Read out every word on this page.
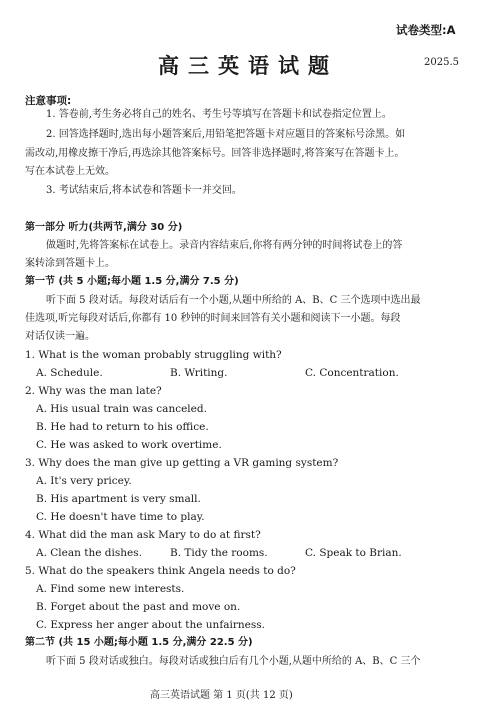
试卷类型:A
2025.5
高三英语试题
注意事项:
1. 答卷前,考生务必将自己的姓名、考生号等填写在答题卡和试卷指定位置上。
2. 回答选择题时,选出每小题答案后,用铅笔把答题卡对应题目的答案标号涂黑。如
需改动,用橡皮擦干净后,再选涂其他答案标号。回答非选择题时,将答案写在答题卡上。
写在本试卷上无效。
3. 考试结束后,将本试卷和答题卡一并交回。
第一部分 听力(共两节,满分 30 分)
做题时,先将答案标在试卷上。录音内容结束后,你将有两分钟的时间将试卷上的答
案转涂到答题卡上。
第一节 (共 5 小题;每小题 1.5 分,满分 7.5 分)
听下面 5 段对话。每段对话后有一个小题,从题中所给的 A、B、C 三个选项中选出最
佳选项,听完每段对话后,你都有 10 秒钟的时间来回答有关小题和阅读下一小题。每段
对话仅读一遍。
1. What is the woman probably struggling with?
A. Schedule.	B. Writing.	C. Concentration.
2. Why was the man late?
A. His usual train was canceled.
B. He had to return to his office.
C. He was asked to work overtime.
3. Why does the man give up getting a VR gaming system?
A. It's very pricey.
B. His apartment is very small.
C. He doesn't have time to play.
4. What did the man ask Mary to do at first?
A. Clean the dishes.	B. Tidy the rooms.	C. Speak to Brian.
5. What do the speakers think Angela needs to do?
A. Find some new interests.
B. Forget about the past and move on.
C. Express her anger about the unfairness.
第二节 (共 15 小题;每小题 1.5 分,满分 22.5 分)
听下面 5 段对话或独白。每段对话或独白后有几个小题,从题中所给的 A、B、C 三个
高三英语试题 第 1 页(共 12 页)
